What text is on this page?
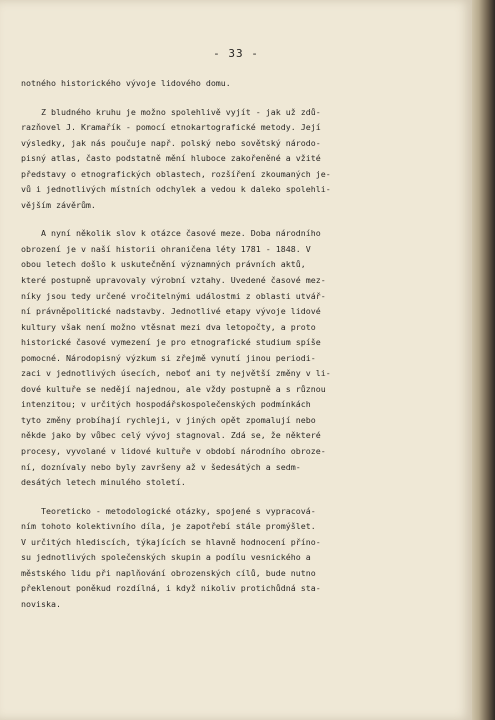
- 33 -
notného historického vývoje lidového domu.
Z bludného kruhu je možno spolehlivě vyjít - jak už zdů-
razňovel J. Kramařík - pomocí etnokartografické metody. Její
výsledky, jak nás poučuje např. polský nebo sovětský národo-
pisný atlas, často podstatně mění hluboce zakořeněné a vžité
představy o etnografických oblastech, rozšíření zkoumaných je-
vů i jednotlivých místních odchylek a vedou k daleko spolehli-
vějším závěrům.
A nyní několik slov k otázce časové meze. Doba národního
obrození je v naší historii ohraničena léty 1781 - 1848. V
obou letech došlo k uskutečnění významných právních aktů,
které postupně upravovaly výrobní vztahy. Uvedené časové mez-
níky jsou tedy určené vročitelnými událostmi z oblasti utvář-
ní právněpolitické nadstavby. Jednotlivé etapy vývoje lidové
kultury však není možno vtěsnat mezi dva letopočty, a proto
historické časové vymezení je pro etnografické studium spíše
pomocné. Národopisný výzkum si zřejmě vynutí jinou periodi-
zaci v jednotlivých úsecích, neboť ani ty největší změny v li-
dové kultuře se nedějí najednou, ale vždy postupně a s různou
intenzitou; v určitých hospodářskospolečenských podmínkách
tyto změny probíhají rychleji, v jiných opět zpomalují nebo
někde jako by vůbec celý vývoj stagnoval. Zdá se, že některé
procesy, vyvolané v lidové kultuře v období národního obroze-
ní, doznívaly nebo byly završeny až v šedesátých a sedm-
desátých letech minulého století.
Teoreticko - metodologické otázky, spojené s vypracová-
ním tohoto kolektivního díla, je zapotřebí stále promýšlet.
V určitých hlediscích, týkajících se hlavně hodnocení příno-
su jednotlivých společenských skupin a podílu vesnického a
městského lidu při naplňování obrozenských cílů, bude nutno
překlenout poněkud rozdílná, i když nikoliv protichůdná sta-
noviska.
